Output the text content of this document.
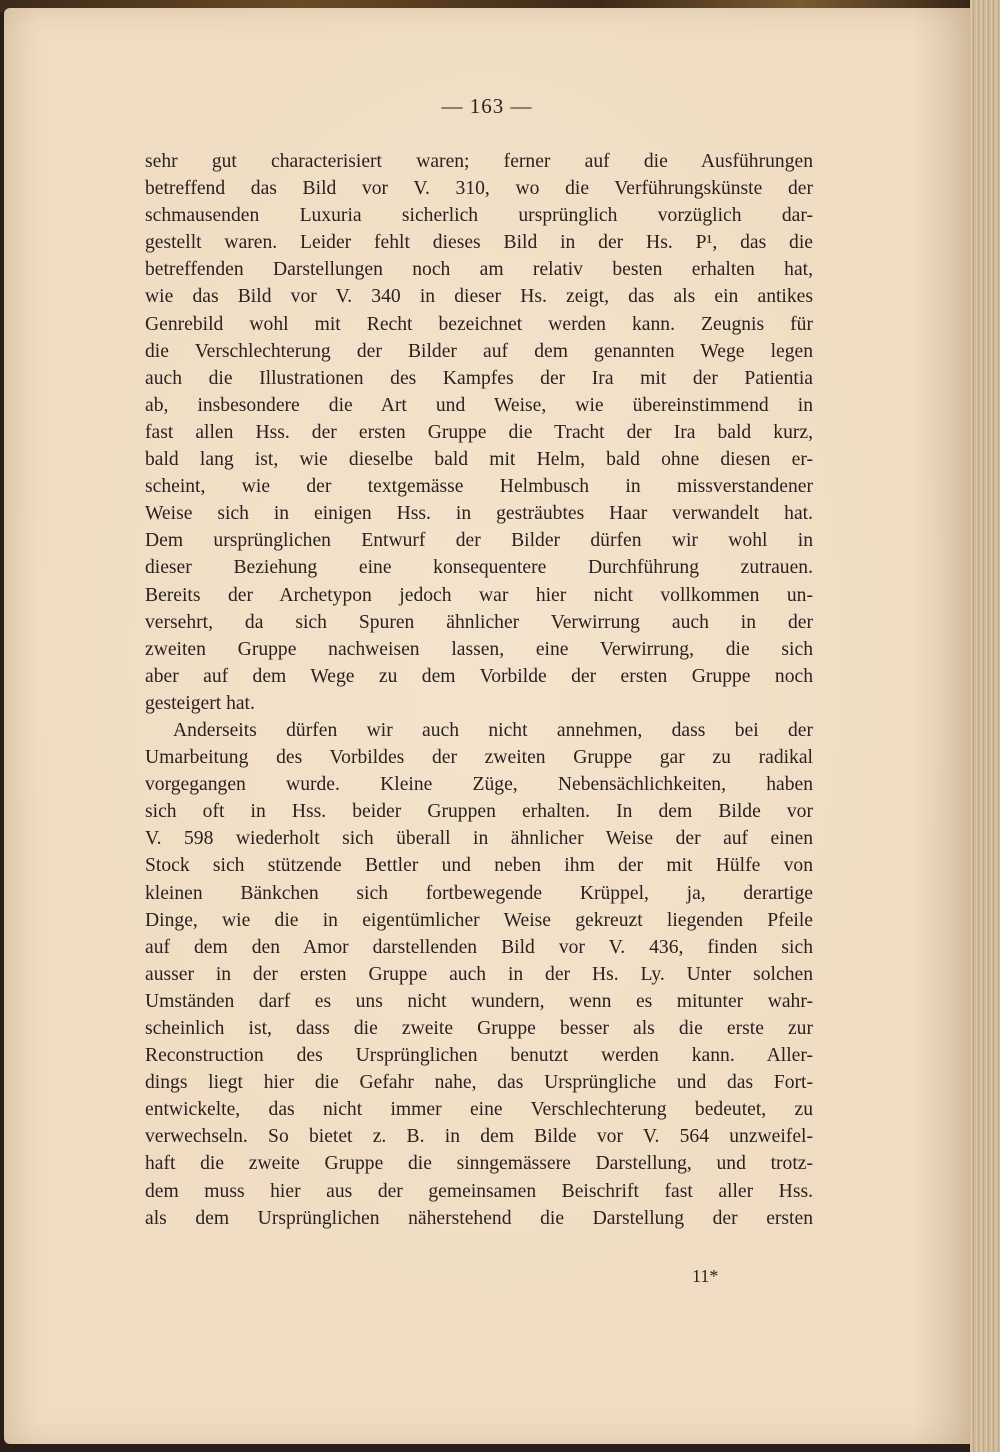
— 163 —
sehr gut characterisiert waren; ferner auf die Ausführungen
betreffend das Bild vor V. 310, wo die Verführungskünste der
schmausenden Luxuria sicherlich ursprünglich vorzüglich dar-
gestellt waren. Leider fehlt dieses Bild in der Hs. P¹, das die
betreffenden Darstellungen noch am relativ besten erhalten hat,
wie das Bild vor V. 340 in dieser Hs. zeigt, das als ein antikes
Genrebild wohl mit Recht bezeichnet werden kann. Zeugnis für
die Verschlechterung der Bilder auf dem genannten Wege legen
auch die Illustrationen des Kampfes der Ira mit der Patientia
ab, insbesondere die Art und Weise, wie übereinstimmend in
fast allen Hss. der ersten Gruppe die Tracht der Ira bald kurz,
bald lang ist, wie dieselbe bald mit Helm, bald ohne diesen er-
scheint, wie der textgemässe Helmbusch in missverstandener
Weise sich in einigen Hss. in gesträubtes Haar verwandelt hat.
Dem ursprünglichen Entwurf der Bilder dürfen wir wohl in
dieser Beziehung eine konsequentere Durchführung zutrauen.
Bereits der Archetypon jedoch war hier nicht vollkommen un-
versehrt, da sich Spuren ähnlicher Verwirrung auch in der
zweiten Gruppe nachweisen lassen, eine Verwirrung, die sich
aber auf dem Wege zu dem Vorbilde der ersten Gruppe noch
gesteigert hat.
Anderseits dürfen wir auch nicht annehmen, dass bei der
Umarbeitung des Vorbildes der zweiten Gruppe gar zu radikal
vorgegangen wurde. Kleine Züge, Nebensächlichkeiten, haben
sich oft in Hss. beider Gruppen erhalten. In dem Bilde vor
V. 598 wiederholt sich überall in ähnlicher Weise der auf einen
Stock sich stützende Bettler und neben ihm der mit Hülfe von
kleinen Bänkchen sich fortbewegende Krüppel, ja, derartige
Dinge, wie die in eigentümlicher Weise gekreuzt liegenden Pfeile
auf dem den Amor darstellenden Bild vor V. 436, finden sich
ausser in der ersten Gruppe auch in der Hs. Ly. Unter solchen
Umständen darf es uns nicht wundern, wenn es mitunter wahr-
scheinlich ist, dass die zweite Gruppe besser als die erste zur
Reconstruction des Ursprünglichen benutzt werden kann. Aller-
dings liegt hier die Gefahr nahe, das Ursprüngliche und das Fort-
entwickelte, das nicht immer eine Verschlechterung bedeutet, zu
verwechseln. So bietet z. B. in dem Bilde vor V. 564 unzweifel-
haft die zweite Gruppe die sinngemässere Darstellung, und trotz-
dem muss hier aus der gemeinsamen Beischrift fast aller Hss.
als dem Ursprünglichen näherstehend die Darstellung der ersten
11*
